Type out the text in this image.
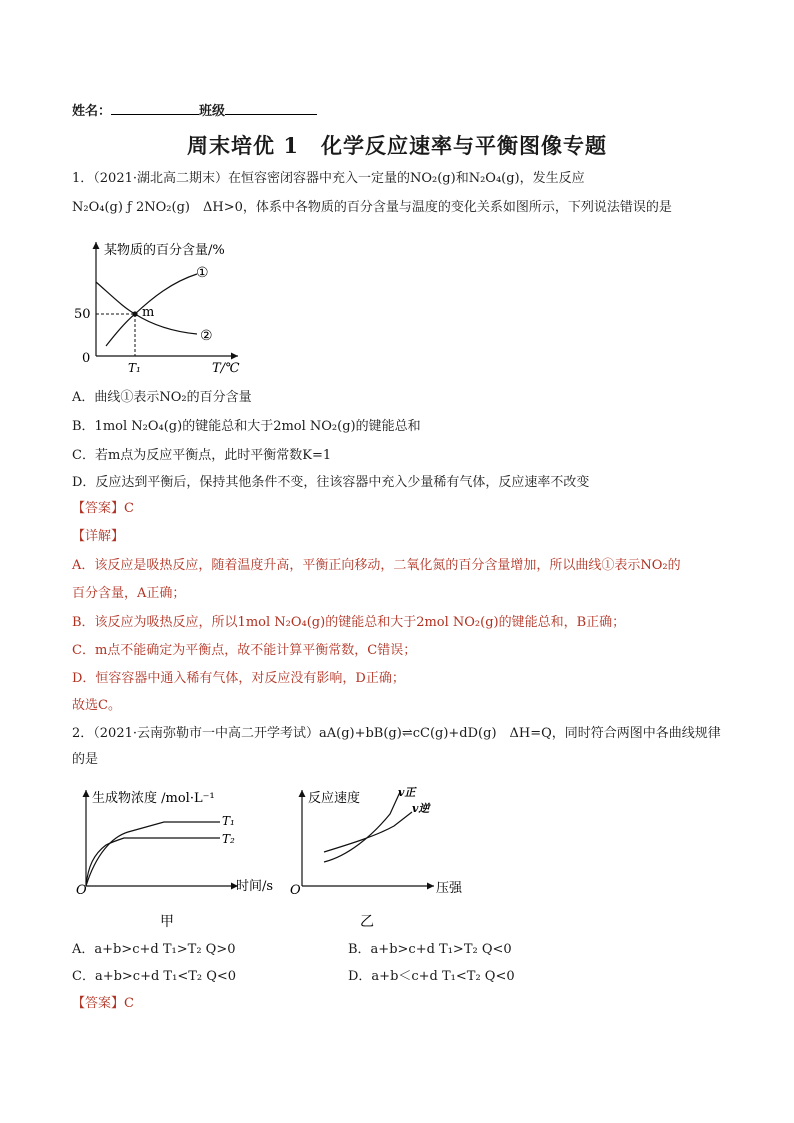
姓名：	班级
周末培优 1　化学反应速率与平衡图像专题
1．（2021·湖北高二期末）在恒容密闭容器中充入一定量的NO₂(g)和N₂O₄(g)，发生反应
N₂O₄(g) ƒ 2NO₂(g)　ΔH>0，体系中各物质的百分含量与温度的变化关系如图所示，下列说法错误的是
某物质的百分含量/%
50
0
T₁	T/℃
m
①
②
A．曲线①表示NO₂的百分含量
B．1mol N₂O₄(g)的键能总和大于2mol NO₂(g)的键能总和
C．若m点为反应平衡点，此时平衡常数K=1
D．反应达到平衡后，保持其他条件不变，往该容器中充入少量稀有气体，反应速率不改变
【答案】C
【详解】
A．该反应是吸热反应，随着温度升高，平衡正向移动，二氧化氮的百分含量增加，所以曲线①表示NO₂的
百分含量，A正确；
B．该反应为吸热反应，所以1mol N₂O₄(g)的键能总和大于2mol NO₂(g)的键能总和，B正确；
C．m点不能确定为平衡点，故不能计算平衡常数，C错误；
D．恒容容器中通入稀有气体，对反应没有影响，D正确；
故选C。
2．（2021·云南弥勒市一中高二开学考试）aA(g)+bB(g)⇌cC(g)+dD(g)　ΔH=Q，同时符合两图中各曲线规律
的是
生成物浓度 /mol·L⁻¹
O	时间/s
T₁
T₂
甲
反应速度
O	压强
v正
v逆
乙
A．a+b>c+d T₁>T₂ Q>0	B．a+b>c+d T₁>T₂ Q<0
C．a+b>c+d T₁<T₂ Q<0	D．a+b＜c+d T₁<T₂ Q<0
【答案】C
